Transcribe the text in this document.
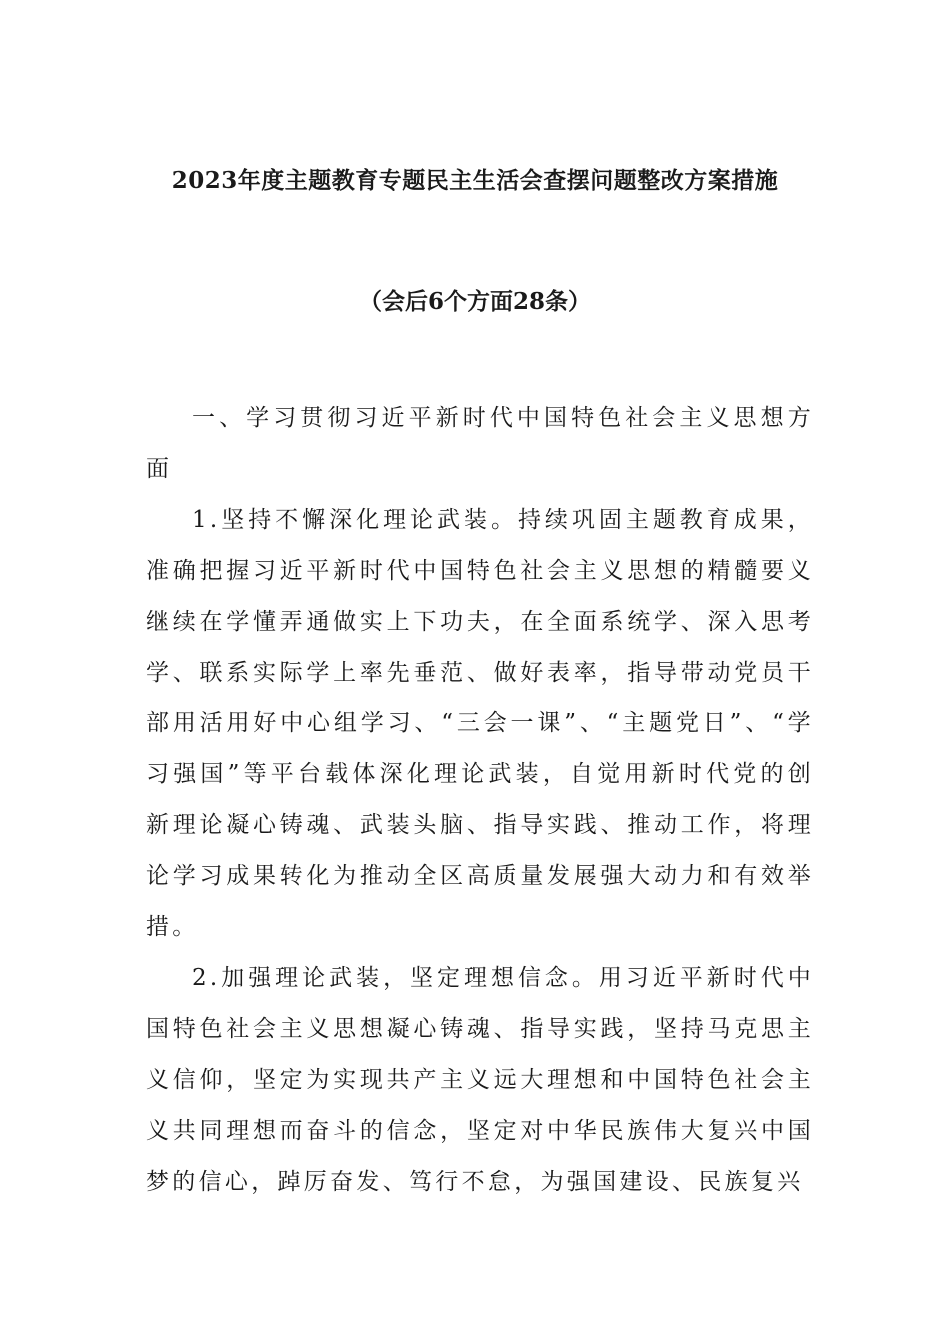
2023年度主题教育专题民主生活会查摆问题整改方案措施
（会后6个方面28条）

一、学习贯彻习近平新时代中国特色社会主义思想方面

1.坚持不懈深化理论武装。持续巩固主题教育成果，准确把握习近平新时代中国特色社会主义思想的精髓要义继续在学懂弄通做实上下功夫，在全面系统学、深入思考学、联系实际学上率先垂范、做好表率，指导带动党员干部用活用好中心组学习、“三会一课”、“主题党日”、“学习强国”等平台载体深化理论武装，自觉用新时代党的创新理论凝心铸魂、武装头脑、指导实践、推动工作，将理论学习成果转化为推动全区高质量发展强大动力和有效举措。

2.加强理论武装，坚定理想信念。用习近平新时代中国特色社会主义思想凝心铸魂、指导实践，坚持马克思主义信仰，坚定为实现共产主义远大理想和中国特色社会主义共同理想而奋斗的信念，坚定对中华民族伟大复兴中国梦的信心，踔厉奋发、笃行不怠，为强国建设、民族复兴
